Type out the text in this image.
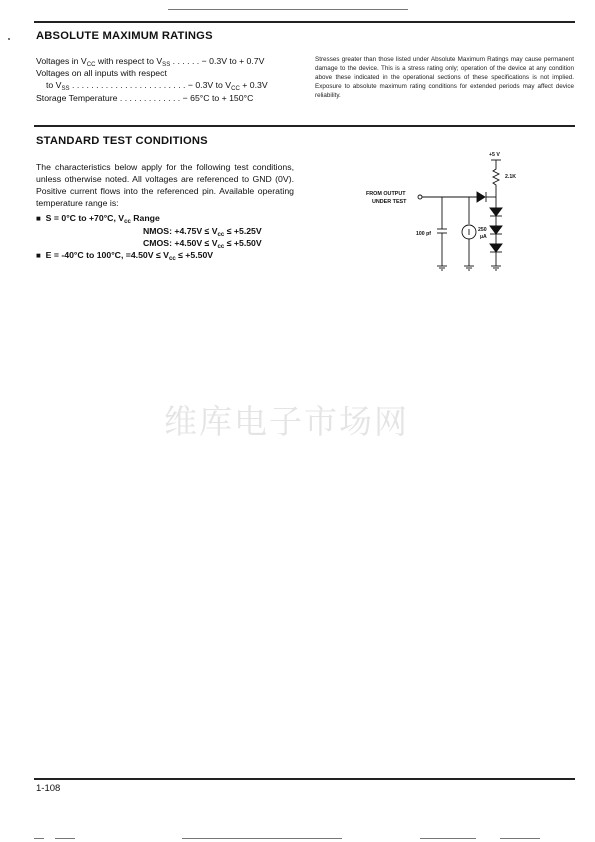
ABSOLUTE MAXIMUM RATINGS
Voltages in $V_{CC}$ with respect to $V_{SS}$ . . . . . . − 0.3V to + 0.7V
Voltages on all inputs with respect
to $V_{SS}$ . . . . . . . . . . . . . . . . . . . . . . . . − 0.3V to $V_{CC} + 0.3V$
Storage Temperature . . . . . . . . . . . . . − 65°C to + 150°C
Stresses greater than those listed under Absolute Maximum Ratings may cause permanent damage to the device. This is a stress rating only; operation of the device at any condition above these indicated in the operational sections of these specifications is not implied. Exposure to absolute maximum rating conditions for extended periods may affect device reliability.
STANDARD TEST CONDITIONS
The characteristics below apply for the following test conditions, unless otherwise noted. All voltages are referenced to GND (0V). Positive current flows into the referenced pin. Available operating temperature range is:
■ S = 0°C to +70°C, $V_{cc}$ Range
NMOS: $+4.75V \le V_{cc} \le +5.25V$
CMOS: $+4.50V \le V_{cc} \le +5.50V$
■ E = -40°C to 100°C, $=4.50V \le V_{cc} \le +5.50V$
+5 V
2.1K
FROM OUTPUT
UNDER TEST
100 pf
250
µA
维库电子市场网
1-108
